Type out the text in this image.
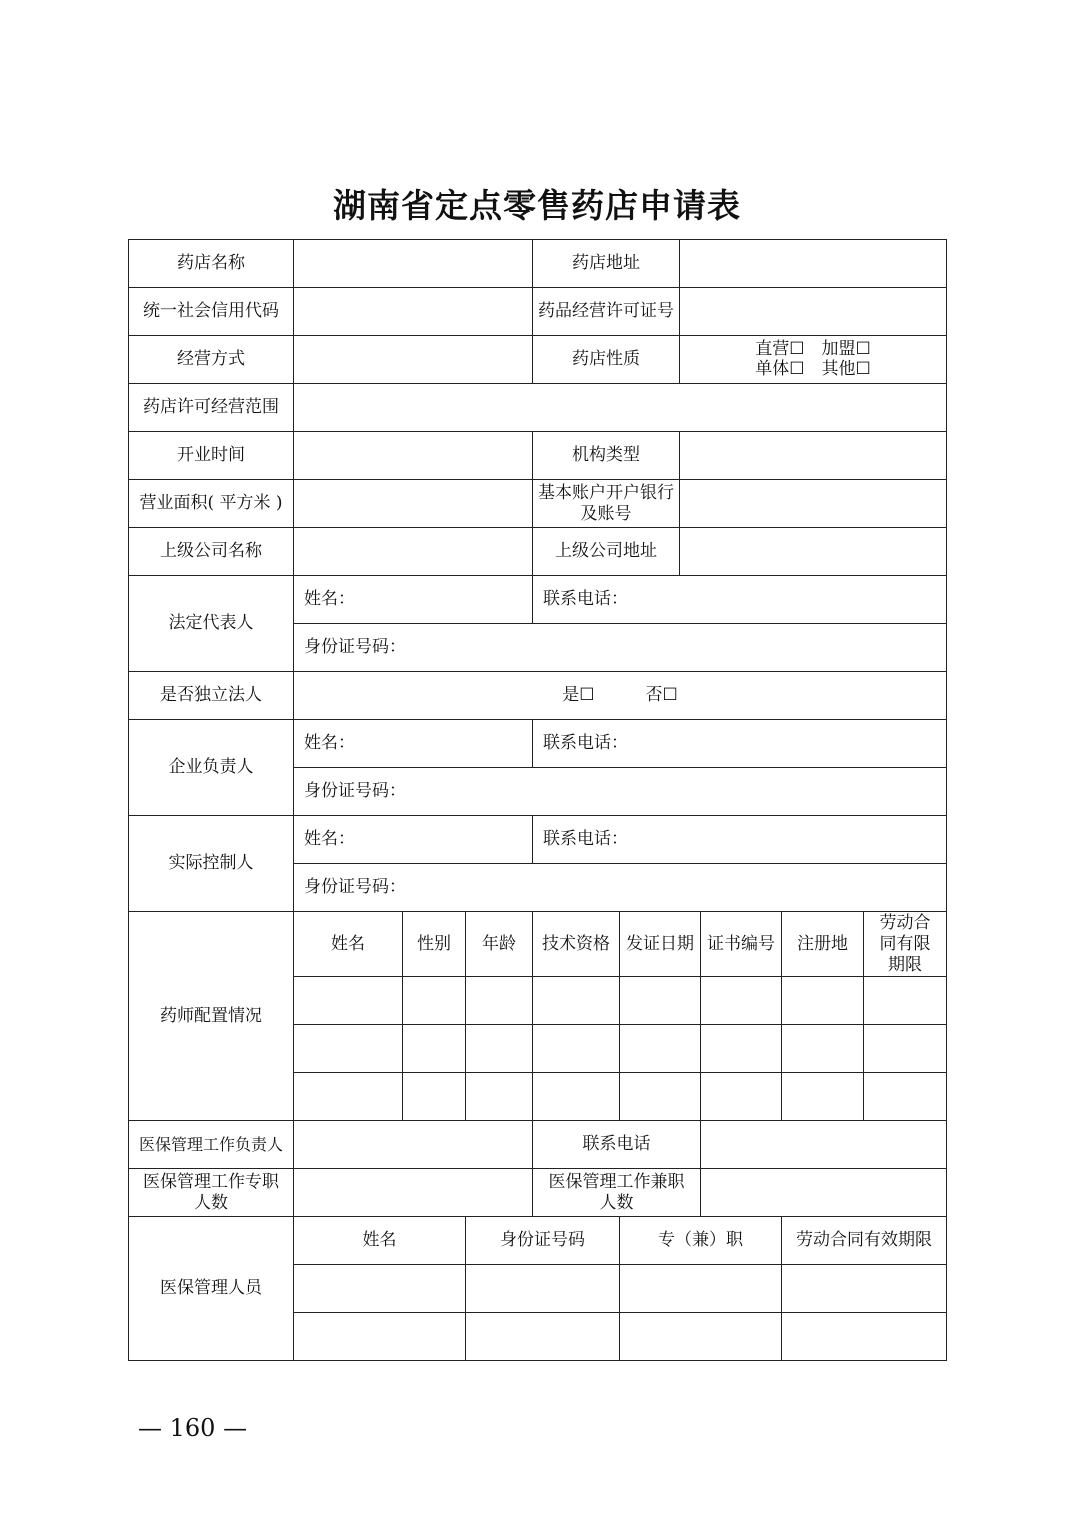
湖南省定点零售药店申请表
药店名称				药店地址					
统一社会信用代码				药品经营许可证号					
经营方式				药店性质		直营☐　加盟☐
单体☐　其他☐			
药店许可经营范围									
开业时间				机构类型					
营业面积( 平方米 )				基本账户开户银行及账号					
上级公司名称				上级公司地址					
法定代表人	姓名：			联系电话：					
	身份证号码：								
是否独立法人	是☐　　　否☐								
企业负责人	姓名：			联系电话：					
	身份证号码：								
实际控制人	姓名：			联系电话：					
	身份证号码：								
药师配置情况	姓名	性别	年龄	技术资格	发证日期		证书编号	注册地	劳动合同有限期限

医保管理工作负责人				联系电话					
医保管理工作专职人数				医保管理工作兼职人数					
医保管理人员	姓名		身份证号码		专（兼）职			劳动合同有效期限	

— 160 —
